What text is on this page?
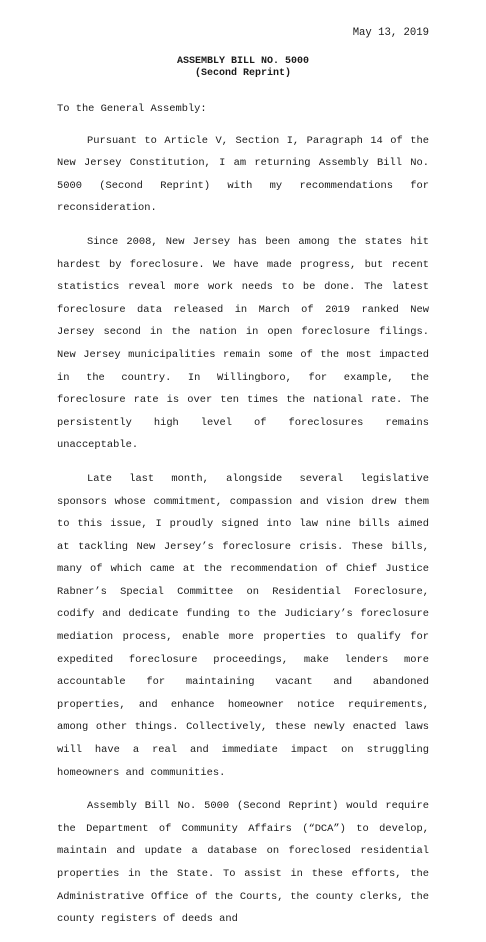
May 13, 2019
ASSEMBLY BILL NO. 5000
(Second Reprint)

To the General Assembly:

Pursuant to Article V, Section I, Paragraph 14 of the New Jersey Constitution, I am returning Assembly Bill No. 5000 (Second Reprint) with my recommendations for reconsideration.

Since 2008, New Jersey has been among the states hit hardest by foreclosure. We have made progress, but recent statistics reveal more work needs to be done. The latest foreclosure data released in March of 2019 ranked New Jersey second in the nation in open foreclosure filings. New Jersey municipalities remain some of the most impacted in the country. In Willingboro, for example, the foreclosure rate is over ten times the national rate. The persistently high level of foreclosures remains unacceptable.

Late last month, alongside several legislative sponsors whose commitment, compassion and vision drew them to this issue, I proudly signed into law nine bills aimed at tackling New Jersey’s foreclosure crisis. These bills, many of which came at the recommendation of Chief Justice Rabner’s Special Committee on Residential Foreclosure, codify and dedicate funding to the Judiciary’s foreclosure mediation process, enable more properties to qualify for expedited foreclosure proceedings, make lenders more accountable for maintaining vacant and abandoned properties, and enhance homeowner notice requirements, among other things. Collectively, these newly enacted laws will have a real and immediate impact on struggling homeowners and communities.

Assembly Bill No. 5000 (Second Reprint) would require the Department of Community Affairs (“DCA”) to develop, maintain and update a database on foreclosed residential properties in the State. To assist in these efforts, the Administrative Office of the Courts, the county clerks, the county registers of deeds and
